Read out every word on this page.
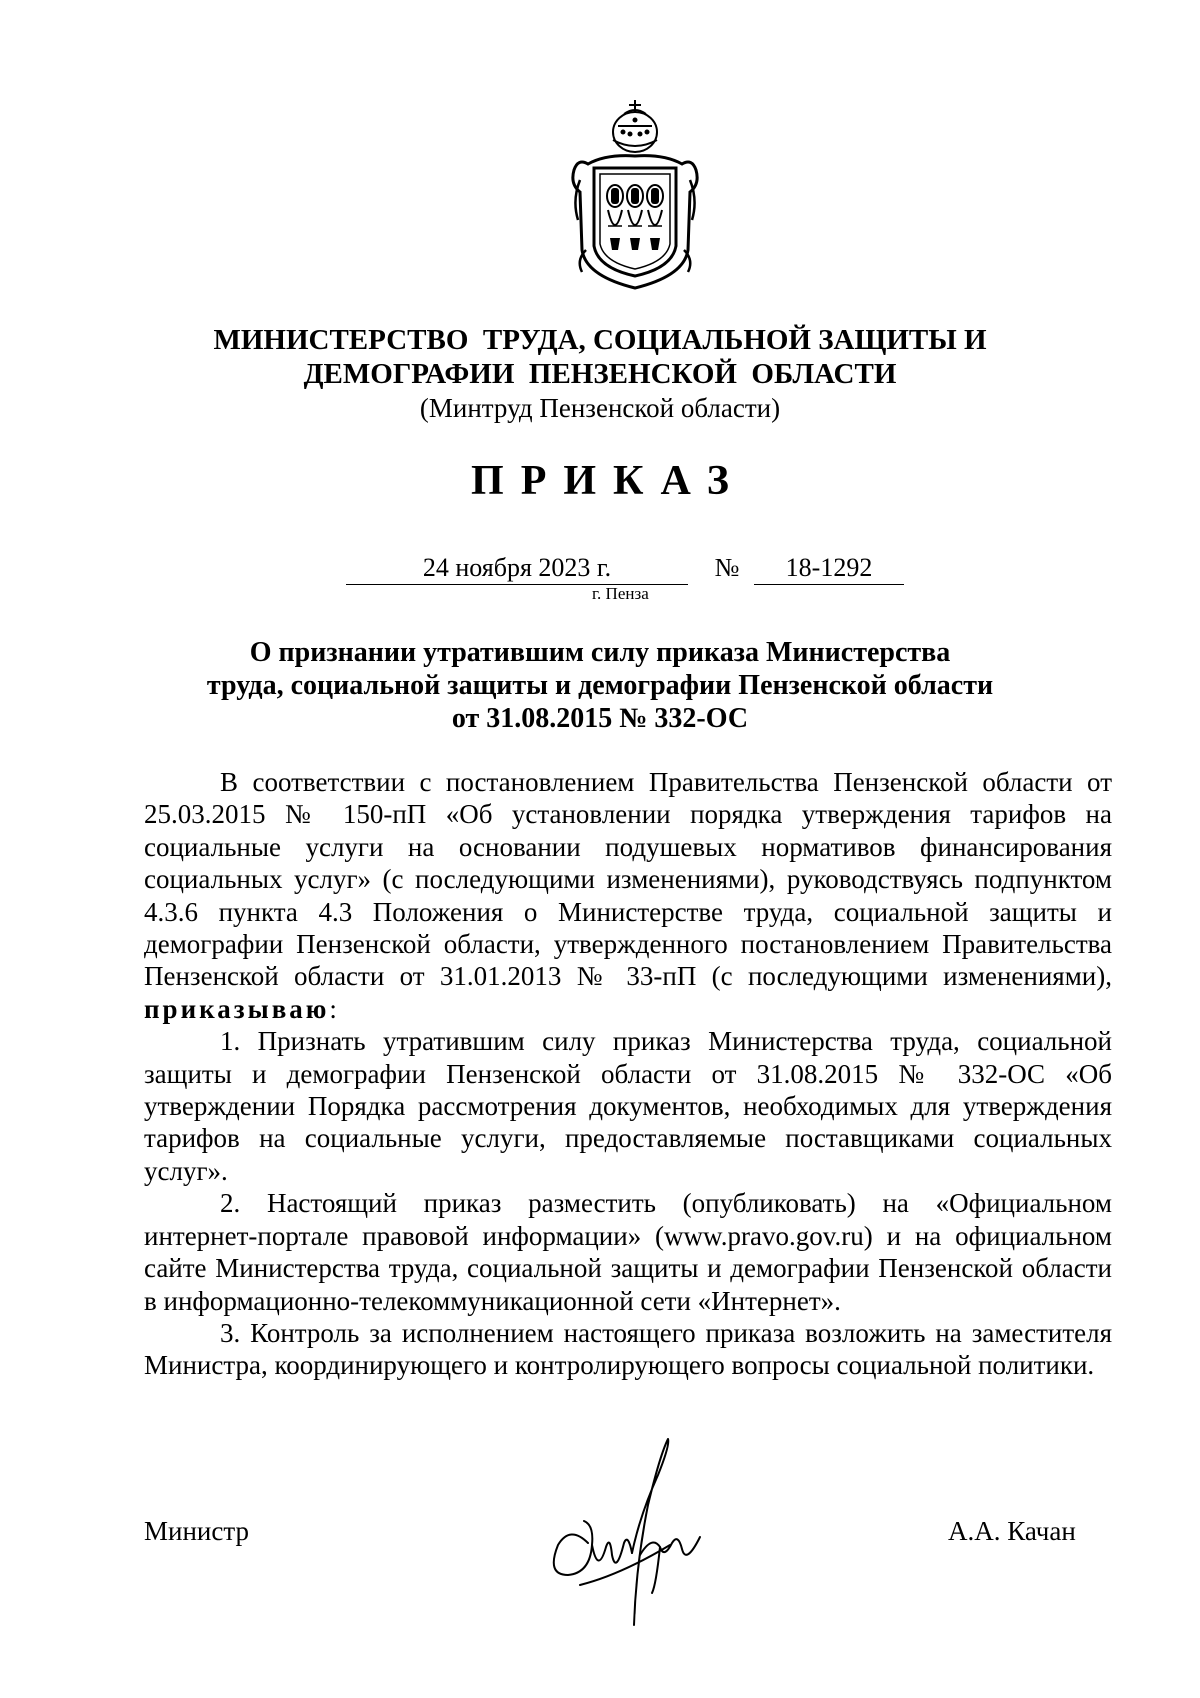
МИНИСТЕРСТВО  ТРУДА, СОЦИАЛЬНОЙ ЗАЩИТЫ И
ДЕМОГРАФИИ  ПЕНЗЕНСКОЙ  ОБЛАСТИ
(Минтруд Пензенской области)
ПРИКАЗ
24 ноября 2023 г.	№	18-1292
г. Пенза
О признании утратившим силу приказа Министерства
труда, социальной защиты и демографии Пензенской области
от 31.08.2015 № 332-ОС

В соответствии с постановлением Правительства Пензенской области от 25.03.2015 № 150-пП «Об установлении порядка утверждения тарифов на социальные услуги на основании подушевых нормативов финансирования социальных услуг» (с последующими изменениями), руководствуясь подпунктом 4.3.6 пункта 4.3 Положения о Министерстве труда, социальной защиты и демографии Пензенской области, утвержденного постановлением Правительства Пензенской области от 31.01.2013 № 33-пП (с последующими изменениями), приказываю:

1. Признать утратившим силу приказ Министерства труда, социальной защиты и демографии Пензенской области от 31.08.2015 № 332-ОС «Об утверждении Порядка рассмотрения документов, необходимых для утверждения тарифов на социальные услуги, предоставляемые поставщиками социальных услуг».

2. Настоящий приказ разместить (опубликовать) на «Официальном интернет-портале правовой информации» (www.pravo.gov.ru) и на официальном сайте Министерства труда, социальной защиты и демографии Пензенской области в информационно-телекоммуникационной сети «Интернет».

3. Контроль за исполнением настоящего приказа возложить на заместителя Министра, координирующего и контролирующего вопросы социальной политики.

Министр	А.А. Качан
